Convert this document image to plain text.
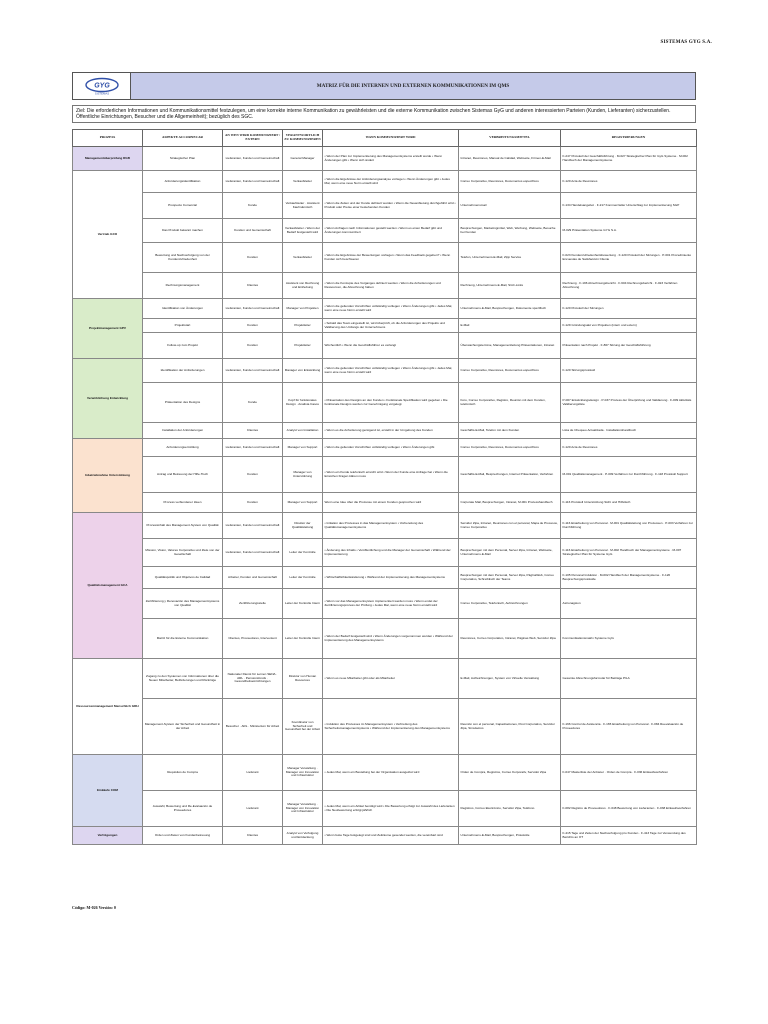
SISTEMAS GYG S.A.
GYG
SISTEMAS
MATRIZ FÜR DIE INTERNEN UND EXTERNEN KOMMUNIKATIONEN IM QMS
Ziel: Die erforderlichen Informationen und Kommunikationsmittel festzulegen, um eine korrekte interne Kommunikation zu gewährleisten und die externe Kommunikation zwischen Sistemas GyG und anderen interessierten Parteien (Kunden, Lieferanten) sicherzustellen. Öffentliche Einrichtungen, Besucher und die Allgemeinheit); bezüglich des SGC.
PROZESS	ASPEKTE ACCORNECAR	AN WEN WIRD KOMMUNIZIERT / EXTERN	VERANTWORTLICH ZU KOMMUNIZIEREN	WANN KOMMUNIZIERT WIRD	VERBREITUNGSMITTEL	REGISTRIERUNGEN
Managementüberprüfung RGB	Strategischer Plan	Lieferanten, Kunden und Gemeinschaft	General Manager	• Wenn der Plan zur Implementierung des Managementsystems erstellt wurde • Wenn Änderungen gibt • Wenn sich ändert	Intranet, Reuniones, Manual de Calidad, Webseite, Firmen-E-Mail	F-247 Protokoll der Geschäftsführung · M-027 Strategischer Plan für GyG Systeme · M-002 Handbuch der Managementsysteme
Vertrieb GCO	Anforderungsidentifikation	Lieferanten, Kunden und Gemeinschaft	Verkaufsleiter	• Wenn die Ergebnisse der Anforderungsanalyse vorliegen • Wenn Änderungen gibt • Jedes Mal, wenn eine neue Norm erstellt wird	Correo Corporativo, Reuniones, Documentos específicos	F-120 Acta de Reuniones
	Prospecto Comercial	Kunde	Verkaufsleiter · Assistent Kaufmännisch	• Wenn die Zeiten und der Kunde definiert wurden • Wenn die Neuanbietung durchgeführt wird • Produkt oder Preise einer bestehenden Kunden	Unternehmensmail	F-134 Handelsangebot · F-217 Kommerzieller Unterschlag zur Implementierung SGP
	Das Produkt bekannt machen	Kunden und Gemeinschaft	Verkaufsleiter • Wenn der Bedarf festgestellt wird	• Wenn Anfragen nach Informationen gestellt werden • Wenn es einen Bedarf gibt und Änderungen kommuniziert	Besprechungen, Marketingmittel, Web, Werbung, Webseite, Besuche bei Kunden	M-029 Präsentation Systeme GYG S.A.
	Bewertung und Nachverfolgung von der Kundenzufriedenheit	Kunden	Verkaufsleiter	• Wenn die Ergebnisse der Bewertungen vorliegen • Wenn das Feedback gegeben? • Wenn Kunden sich beschweren	Telefon, Unternehmens-E-Mail, Zipp Service	F-023 Kundenzufriedenheitsbewertung · F-120 Protokoll der Sitzungen · P-001 Prozedimiento Encuestas de Satisfacción Cliente
	Rechnungsmanagement	Clientes	Assistent von Rechnung und Einhebung	• Wenn die Konzepte des Vorganges definiert werden • Wenn die Anforderungen und Ressourcen, die Abrechnung haben	Rechnung, Unternehmens-E-Mail, SGC-Links	Rechnung · F-196 Abrechnungsbericht · F-604 Rechnungsbericht · F-023 Verfahren Abrechnung
Projektmanagement GPV	Identifikation von Änderungen	Lieferanten, Kunden und Gemeinschaft	Manager von Projekten	• Wenn die geltenden Vorschriften vollständig vorliegen • Wenn Änderungen gibt • Jedes Mal, wenn eine neue Norm erstellt wird	Unternehmens-E-Mail, Besprechungen, Dokumente spezifisch	F-120 Protokoll der Sitzungen
	Projektstart	Kunden	Projektleiter	• Sobald das Team eingestellt ist, wird überprüft, ob die Anforderungen des Projekts und Validierung des Umfangs der Unternehmens	E-Mail	F-129 Gründungsakt von Projekten (intern und extern)
	Follow-up zum Projekt	Kunden	Projektleiter	Wöchentlich • Wenn die Geschäftsführer es verlangt	Überwachungstermine, Managementleitung Präsentationen, Intranet	Präsentation nach Projekt · F-867 Sitzung der Geschäftsführung
Verwirklichung Entwicklung	Identifikation der Anforderungen	Lieferanten, Kunden und Gemeinschaft	Manager von Entwicklung	• Wenn die geltenden Vorschriften vollständig vorliegen • Wenn Änderungen gibt • Jedes Mal, wenn eine neue Norm erstellt wird	Correo Corporativo, Reuniones, Documentos específicos	F-120 Sitzungsprotokoll
	Präsentation des Designs	Kunde	Kopf für funktionales Design · Analista Casos	• Präsentation des Designs an den Kunden • Funktionale Spezifikation wird gegeben • Die funktionale Designs werden zur Genehmigung vorgelegt	Foro, Correo Corporativo, Registro, Reunión mit dem Kunden, telefonisch	P-007 Entwicklungsdesign · P-037 Prozess der Überprüfung und Validierung · F-009 Aktivitäts Validierungsliste
	Installation der Anforderungen	Clientes	Analyst von Installation	• Wenn es die Anforderung genügend ist, erstellt in der Umgebung des Kunden	Geschäfts-E-Mail, Telefon mit dem Kunden	Lista de Chequeo Actualizada · Installationshandbuch
Inbetriebnahme Unterstützung	Anforderungsermittlung	Lieferanten, Kunden und Gemeinschaft	Manager von Support	• Wenn die geltenden Vorschriften vollständig vorliegen • Wenn Änderungen gibt	Correo Corporativo, Reuniones, Documentos específicos	F-120 Acta de Reuniones
	Antrag und Betreuung der Hilfe-Tisch	Kunden	Manager von Unterstützung	• Wenn ein Kunde telefonisch erreicht wird • Wenn der Kunde eine Anfrage hat • Wenn die Erreichen Fragen klären muss	Geschäfts-E-Mail, Besprechungen, Internet Präsentation, Verfahren	M-001 Qualitätsmanagement · P-009 Verfahren zur Durchführung · F-118 Protokoll Support
	Prozess verbundener Ideen	Kunden	Manager von Support	Wenn eine Idee über die Prozesse mit einem Kunden gesprochen wird	Corporate Mail, Besprechungen, Intranet, M-001 Prozesshandbuch	F-116 Protokoll Unterstützung Sicht und Hilfstisch
Qualitätsmanagement GCA	Prozessinhalt des Management-System von Qualität	Lieferanten, Kunden und Gemeinschaft	Direktor der Qualitätsleitung	• Initiation des Prozesses in das Managementsystem • Vorbereitung des Qualitätsmanagementsystems	Servidor Zipa, Intranet, Reuniones con el personal, Mapa de Procesos, Correo Corporativo	F-116 Einarbeitung von Personal · M-001 Qualitätsleitung von Prozessen · P-003 Verfahren zur Durchführung
	Mission, Vision, Valores Corporativo und Ziele von der Gesellschaft	Lieferanten, Kunden und Gemeinschaft	Leiter der Kontrolle	• Änderung des Inhalts • Veröffentlichung und die Manager der Gemeinschaft • Während der Implementierung	Besprechungen mit dem Personal, Server Zipa, Intranet, Webseite, Unternehmens-E-Mail	F-116 Einarbeitung von Personal · M-002 Handbuch der Managementsysteme · M-007 Strategischer Plan für Systeme GyG
	Qualitätspolitik und Objetivos de Calidad	Arbeiter, Kunden und Gemeinschaft	Leiter der Kontrolle	• Wirtschaftlichkeitsänderung • Während der Implementierung des Managementsystems	Besprechungen mit dem Personal, Server Zipa, PágInaWeb, Correo Corporativo, Schreibtisch der Teams	F-105 Personal Induktion · M-002 Handbuch der Managementsysteme · F-120 Besprechungsprotokolle
	Zertifizierung y Renovación des Managementsystems von Qualität	Zertifizierungsstelle	Leiter der Kontrolle Intern	• Wenn vor das Managementsystem implementiert werden muss • Wenn endet der Zertifizierungsprozess der Prüfung • Jedes Mal, wenn eine neue Norm erstellt wird	Correo Corporativo, Telefonisch, Aufzeichnungen	Astronagsion
	Matriz für die Externe Kommunikation	Clientes, Proveedores, Intervenient	Leiter der Kontrolle Intern	• Wenn der Bedarf festgestellt wird • Wenn Änderungen vorgenommen werden • Während der Implementierung des Managementsystems	Reuniones, Correo Corporativo, Intranet, Páginas Web, Servidor Zipa	Kommunikationsmatrix Systeme GyG
Ressourcenmanagement Menschlich GRH	Zugang zu den Systemen von Informationen über die Neuen Mitarbeiter, Beförderungen und Rückzüge	Nationaler Dienst für Lernen SENA · ARL · Pensionsfonds · Gesundheitseinrichtungen	Direktor von Human Resources	• Wenn es neue Mitarbeiter gibt oder als Mitarbeiter	E-Mail, Aufzeichnungen, System von Virtuelle Verwaltung	Gesamte Abrechnungsformular für Beiträge PILA
	Management-System der Sicherheit und Gesundheit in der Arbeit	Besucher · ARL · Ministerium für Arbeit	Koordinator von Sicherheit und Gesundheit bei der Arbeit	• Induktion des Prozesses im Managementsystem • Verbreitung des Sicherheitsmanagementsystems • Während der Implementierung des Managementsystems	Reunión con el personal, Capacitaciones, Post Corporativo, Servidor Zipa, Simulacros	F-166 Control de Asistencia · F-165 Einarbeitung von Personal · F-084 Reevaluación de Proveedores
Einkäufe COM	Requisitos de Compra	Lieferant	Manager Verwaltung · Manager von Innovation und Infrastruktur	• Jedes Mal, wenn ein Bestellung bei der Organisation ausgelöst wird	Orden de Compra, Registros, Correo Korporativ, Servidor Zipa	F-047 Masterliste der Anbieter · Orden de Compra · F-036 Einkaufsverfahren
	Auswahl, Bewertung und Re-Evaluación de Proveedores	Lieferant	Manager Verwaltung · Manager von Innovation und Infrastruktur	• Jedes Mal, wenn ein Artikel benötigt wird • Die Bewertung erfolgt zur Auswahl des Lieferanten • Die Neubewertung erfolgt jährlich	Registros, Correo Electrónico, Servidor Zipa, Teléfono	F-082 Registro de Proveedores · F-048 Bewertung von Lieferanten · F-038 Einkaufsverfahren
Verfolgungen	Orden und Zielen von Kundenbetreuung	Clientes	Analyst von Verfolgung und Entdeckung	• Wenn feste Tage festgelegt sind und Zeiträume gesendet werden, die vereinbart sind	Unternehmens-E-Mail, Besprechungen, Protokolle	F-415 Tage und Zeiten der Nachverfolgung pro Kunden · F-413 Tage zur Verwendung des Berichts an OT
Código: M-026 Versión: 0
